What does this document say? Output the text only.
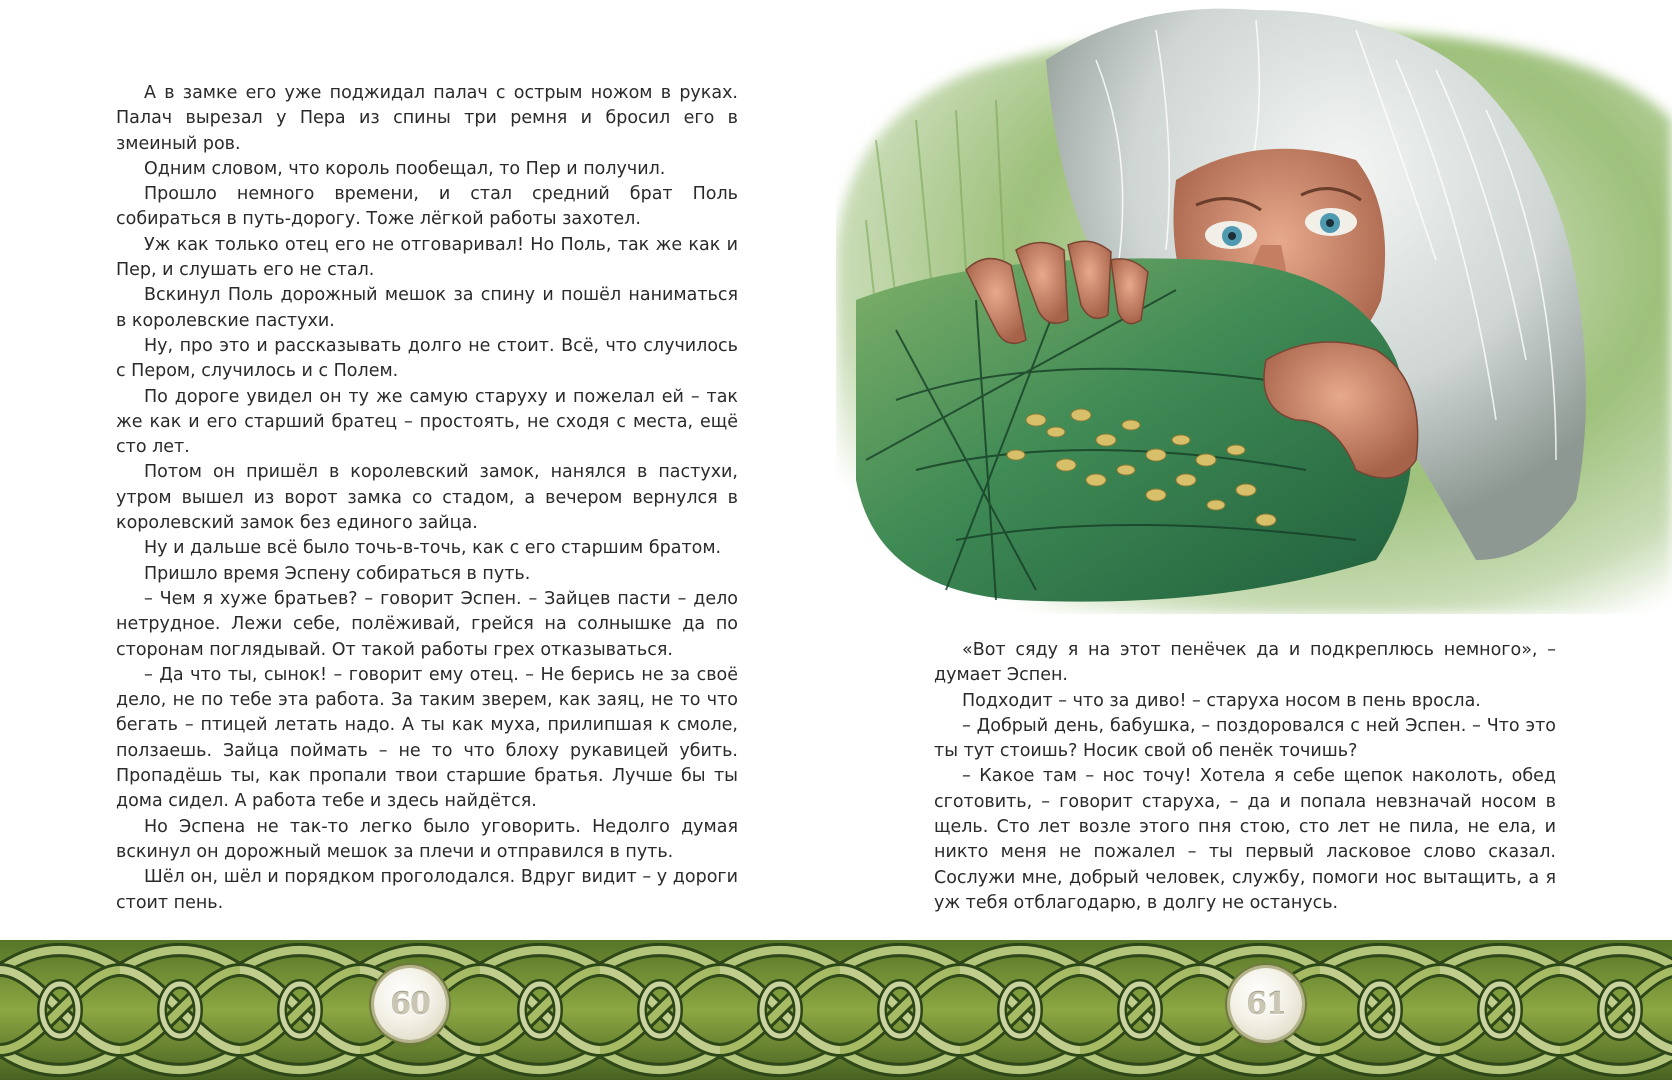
А в замке его уже поджидал палач с острым ножом в руках. Палач вырезал у Пера из спины три ремня и бросил его в змеиный ров.

Одним словом, что король пообещал, то Пер и получил.

Прошло немного времени, и стал средний брат Поль собираться в путь-дорогу. Тоже лёгкой работы захотел.

Уж как только отец его не отговаривал! Но Поль, так же как и Пер, и слушать его не стал.

Вскинул Поль дорожный мешок за спину и пошёл наниматься в королевские пастухи.

Ну, про это и рассказывать долго не стоит. Всё, что случилось с Пером, случилось и с Полем.

По дороге увидел он ту же самую старуху и пожелал ей – так же как и его старший братец – простоять, не сходя с места, ещё сто лет.

Потом он пришёл в королевский замок, нанялся в пастухи, утром вышел из ворот замка со стадом, а вечером вернулся в королевский замок без единого зайца.

Ну и дальше всё было точь-в-точь, как с его старшим братом.

Пришло время Эспену собираться в путь.

– Чем я хуже братьев? – говорит Эспен. – Зайцев пасти – дело нетрудное. Лежи себе, полёживай, грейся на солнышке да по сторонам поглядывай. От такой работы грех отказываться.

– Да что ты, сынок! – говорит ему отец. – Не берись не за своё дело, не по тебе эта работа. За таким зверем, как заяц, не то что бегать – птицей летать надо. А ты как муха, прилипшая к смоле, ползаешь. Зайца поймать – не то что блоху рукавицей убить. Пропадёшь ты, как пропали твои старшие братья. Лучше бы ты дома сидел. А работа тебе и здесь найдётся.

Но Эспена не так-то легко было уговорить. Недолго думая вскинул он дорожный мешок за плечи и отправился в путь.

Шёл он, шёл и порядком проголодался. Вдруг видит – у дороги стоит пень.

«Вот сяду я на этот пенёчек да и подкреплюсь немного», – думает Эспен.

Подходит – что за диво! – старуха носом в пень вросла.

– Добрый день, бабушка, – поздоровался с ней Эспен. – Что это ты тут стоишь? Носик свой об пенёк точишь?

– Какое там – нос точу! Хотела я себе щепок наколоть, обед сготовить, – говорит старуха, – да и попала невзначай носом в щель. Сто лет возле этого пня стою, сто лет не пила, не ела, и никто меня не пожалел – ты первый ласковое слово сказал. Сослужи мне, добрый человек, службу, помоги нос вытащить, а я уж тебя отблагодарю, в долгу не останусь.

60	61
